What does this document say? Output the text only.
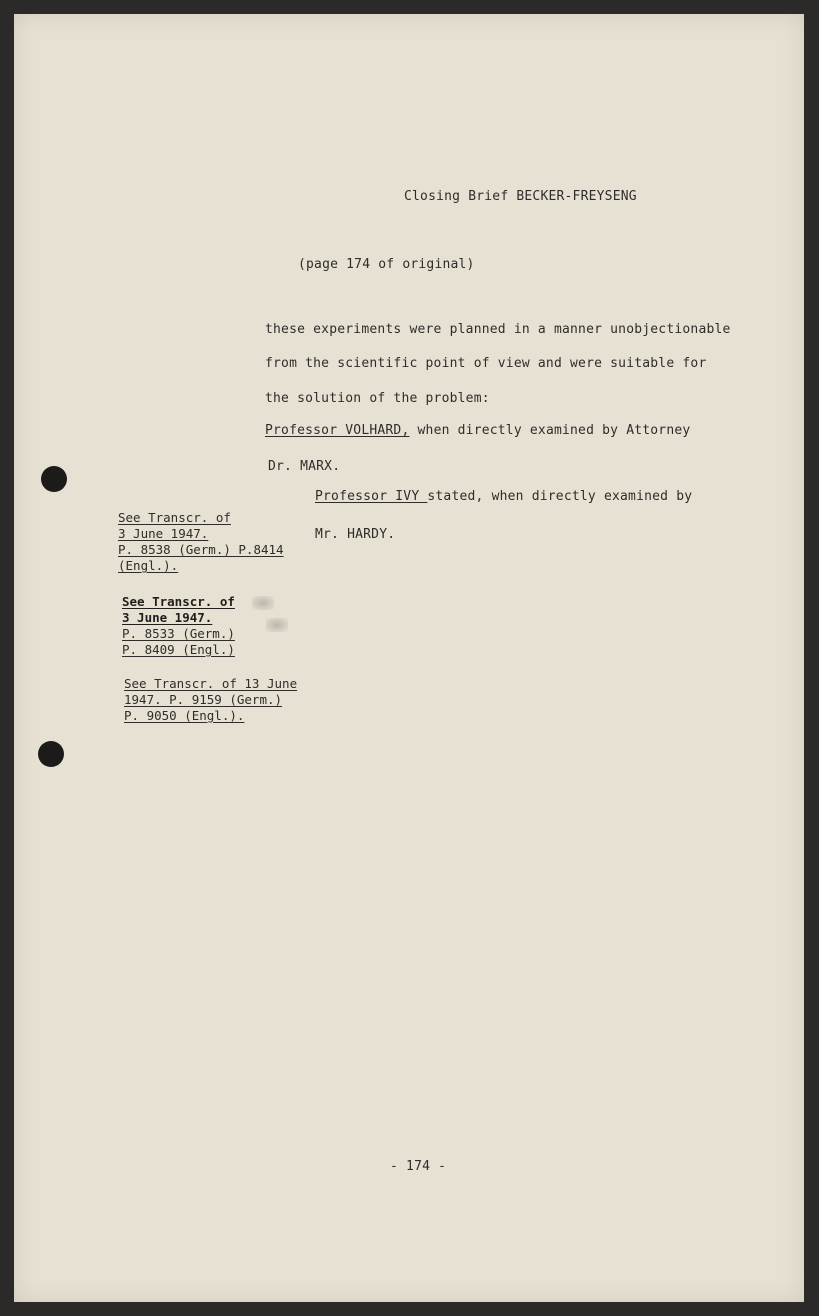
Closing Brief BECKER-FREYSENG
(page 174 of original)
these experiments were planned in a manner unobjectionable
from the scientific point of view and were suitable for
the solution of the problem:
Professor VOLHARD, when directly examined by Attorney
Dr. MARX.
Professor IVY stated, when directly examined by
Mr. HARDY.
See Transcr. of
3 June 1947.
P. 8538 (Germ.) P.8414
(Engl.).
See Transcr. of
3 June 1947.
P. 8533 (Germ.)
P. 8409 (Engl.)
See Transcr. of 13 June
1947. P. 9159 (Germ.)
P. 9050 (Engl.).
- 174 -
